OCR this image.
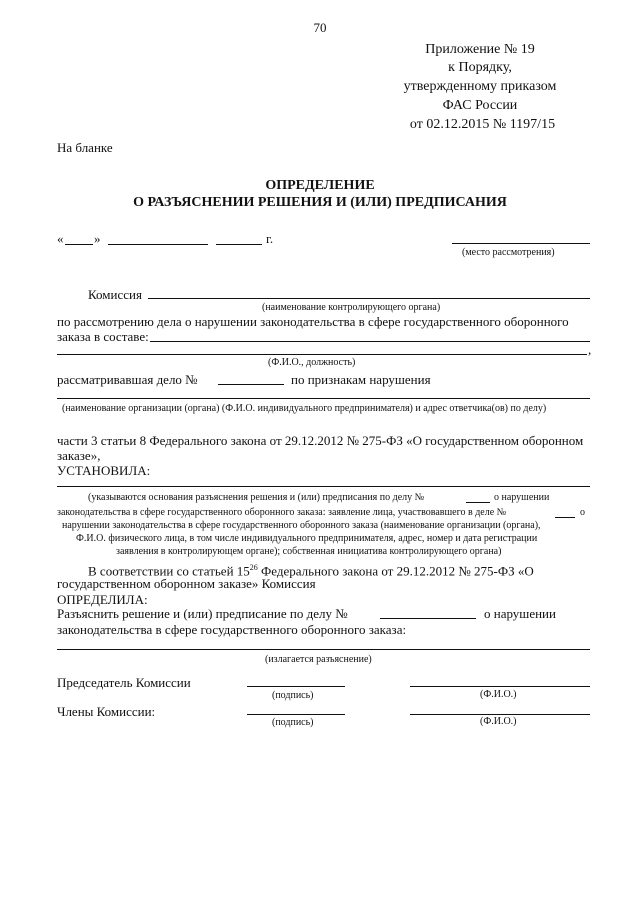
70
Приложение № 19
к Порядку,
утвержденному приказом
ФАС России
от 02.12.2015 № 1197/15
На бланке
ОПРЕДЕЛЕНИЕ
О РАЗЪЯСНЕНИИ РЕШЕНИЯ И (ИЛИ) ПРЕДПИСАНИЯ
« »	г.
(место рассмотрения)
Комиссия
(наименование контролирующего органа)
по рассмотрению дела о нарушении законодательства в сфере государственного оборонного
заказа в составе:
,
(Ф.И.О., должность)
рассматривавшая дело №	по признакам нарушения
(наименование организации (органа) (Ф.И.О. индивидуального предпринимателя) и адрес ответчика(ов) по делу)
части 3 статьи 8 Федерального закона от 29.12.2012 № 275-ФЗ «О государственном оборонном
заказе»,
УСТАНОВИЛА:
(указываются основания разъяснения решения и (или) предписания по делу №	о нарушении
законодательства в сфере государственного оборонного заказа: заявление лица, участвовавшего в деле №	о
нарушении законодательства в сфере государственного оборонного заказа (наименование организации (органа),
Ф.И.О. физического лица, в том числе индивидуального предпринимателя, адрес, номер и дата регистрации
заявления в контролирующем органе); собственная инициатива контролирующего органа)
В соответствии со статьей $15^{26}$ Федерального закона от 29.12.2012 № 275-ФЗ «О
государственном оборонном заказе» Комиссия
ОПРЕДЕЛИЛА:
Разъяснить решение и (или) предписание по делу №	о нарушении
законодательства в сфере государственного оборонного заказа:
(излагается разъяснение)
Председатель Комиссии
(подпись)	(Ф.И.О.)
Члены Комиссии:
(подпись)	(Ф.И.О.)
